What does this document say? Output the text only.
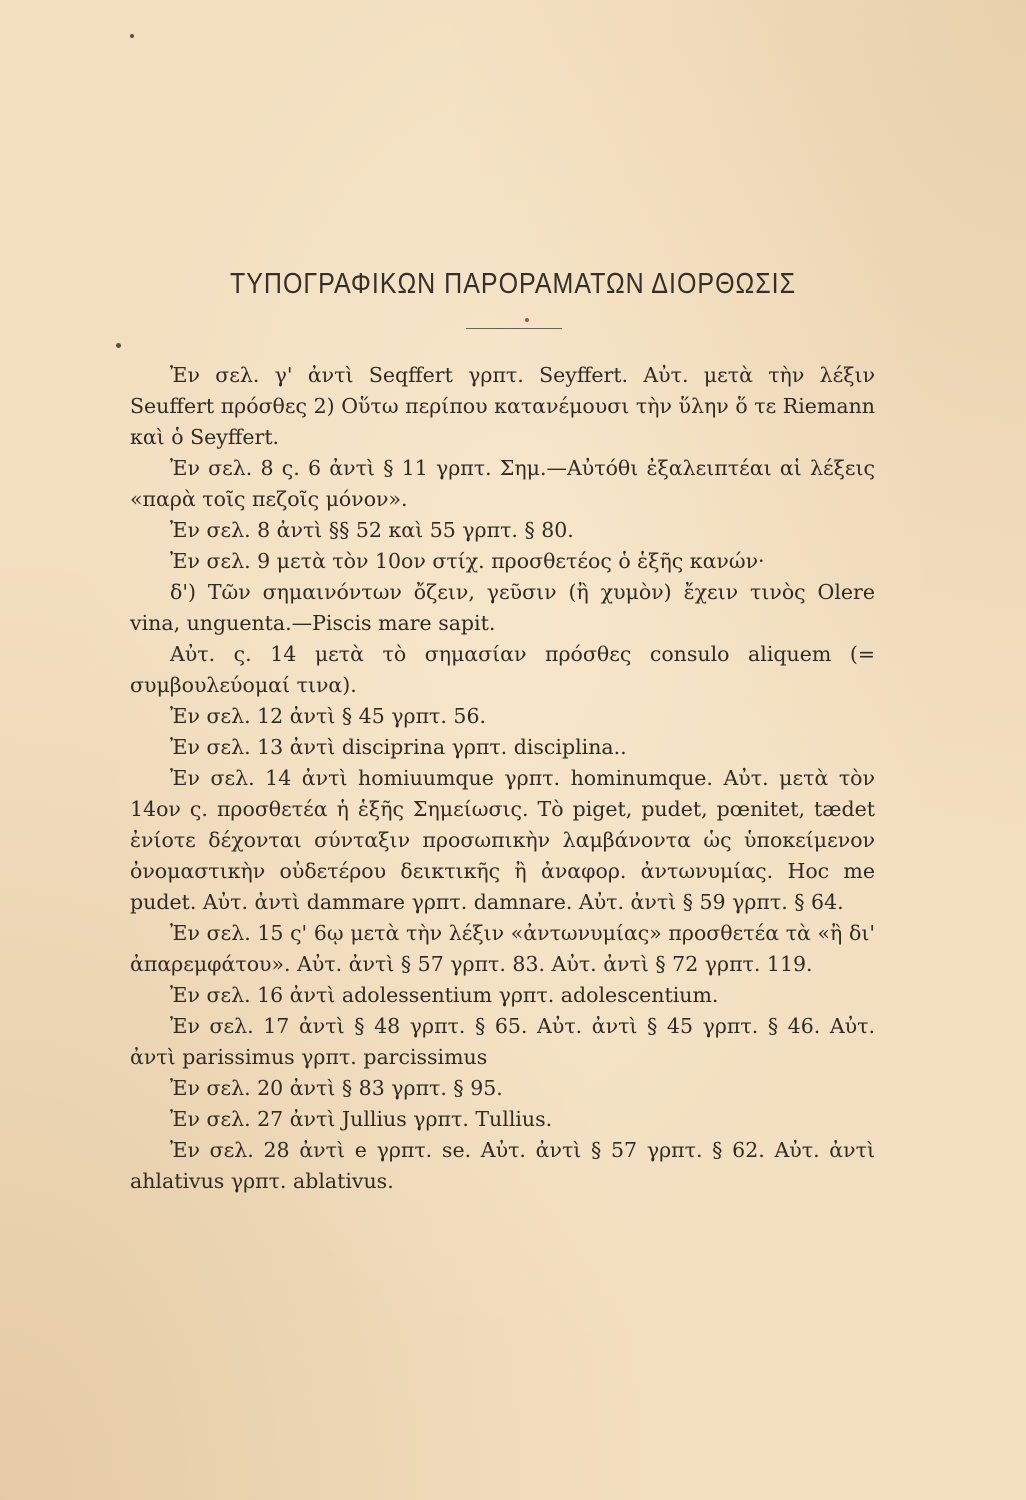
ΤΥΠΟΓΡΑΦΙΚΩΝ ΠΑΡΟΡΑΜΑΤΩΝ ΔΙΟΡΘΩΣΙΣ

Ἐν σελ. γ' ἀντὶ Seqffert γρπτ. Seyffert. Αὐτ. μετὰ τὴν λέξιν Seuffert πρόσθες 2) Οὕτω περίπου κατανέμουσι τὴν ὕλην ὅ τε Riemann καὶ ὁ Seyffert.

Ἐν σελ. 8 ς. 6 ἀντὶ § 11 γρπτ. Σημ.—Αὐτόθι ἐξαλειπτέαι αἱ λέξεις «παρὰ τοῖς πεζοῖς μόνον».

Ἐν σελ. 8 ἀντὶ §§ 52 καὶ 55 γρπτ. § 80.

Ἐν σελ. 9 μετὰ τὸν 10ον στίχ. προσθετέος ὁ ἑξῆς κανών·

δ') Τῶν σημαινόντων ὄζειν, γεῦσιν (ἢ χυμὸν) ἔχειν τινὸς Olere vina, unguenta.—Piscis mare sapit.

Αὐτ. ς. 14 μετὰ τὸ σημασίαν πρόσθες consulo aliquem (= συμβουλεύομαί τινα).

Ἐν σελ. 12 ἀντὶ § 45 γρπτ. 56.

Ἐν σελ. 13 ἀντὶ disciprina γρπτ. disciplina..

Ἐν σελ. 14 ἀντὶ homiuumque γρπτ. hominumque. Αὐτ. μετὰ τὸν 14ον ς. προσθετέα ἡ ἑξῆς Σημείωσις. Τὸ piget, pudet, pœnitet, tædet ἐνίοτε δέχονται σύνταξιν προσωπικὴν λαμβάνοντα ὡς ὑποκείμενον ὀνομαστικὴν οὐδετέρου δεικτικῆς ἢ ἀναφορ. ἀντωνυμίας. Hoc me pudet. Αὐτ. ἀντὶ dammare γρπτ. damnare. Αὐτ. ἀντὶ § 59 γρπτ. § 64.

Ἐν σελ. 15 ς' 6ῳ μετὰ τὴν λέξιν «ἀντωνυμίας» προσθετέα τὰ «ἢ δι' ἀπαρεμφάτου». Αὐτ. ἀντὶ § 57 γρπτ. 83. Αὐτ. ἀντὶ § 72 γρπτ. 119.

Ἐν σελ. 16 ἀντὶ adolessentium γρπτ. adolescentium.

Ἐν σελ. 17 ἀντὶ § 48 γρπτ. § 65. Αὐτ. ἀντὶ § 45 γρπτ. § 46. Αὐτ. ἀντὶ parissimus γρπτ. parcissimus

Ἐν σελ. 20 ἀντὶ § 83 γρπτ. § 95.

Ἐν σελ. 27 ἀντὶ Jullius γρπτ. Tullius.

Ἐν σελ. 28 ἀντὶ e γρπτ. se. Αὐτ. ἀντὶ § 57 γρπτ. § 62. Αὐτ. ἀντὶ ahlativus γρπτ. ablativus.
